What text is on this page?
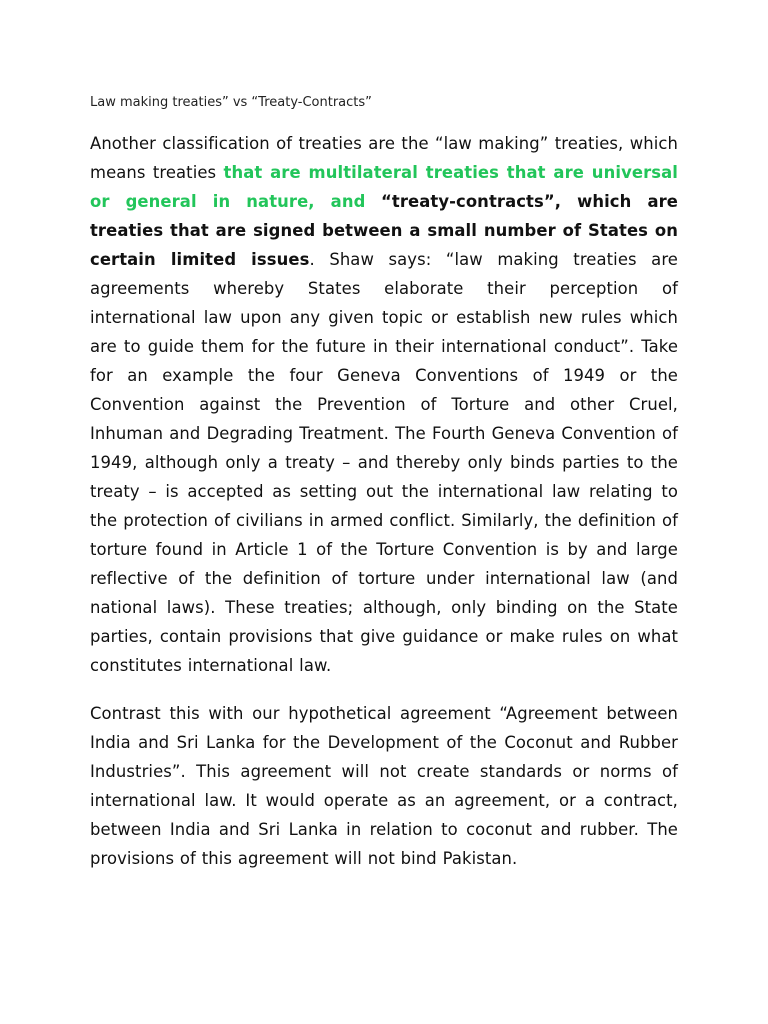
Law making treaties” vs “Treaty-Contracts”

Another classification of treaties are the “law making” treaties, which means treaties that are multilateral treaties that are universal or general in nature, and “treaty-contracts”, which are treaties that are signed between a small number of States on certain limited issues. Shaw says: “law making treaties are agreements whereby States elaborate their perception of international law upon any given topic or establish new rules which are to guide them for the future in their international conduct”. Take for an example the four Geneva Conventions of 1949 or the Convention against the Prevention of Torture and other Cruel, Inhuman and Degrading Treatment. The Fourth Geneva Convention of 1949, although only a treaty – and thereby only binds parties to the treaty – is accepted as setting out the international law relating to the protection of civilians in armed conflict. Similarly, the definition of torture found in Article 1 of the Torture Convention is by and large reflective of the definition of torture under international law (and national laws). These treaties; although, only binding on the State parties, contain provisions that give guidance or make rules on what constitutes international law.

Contrast this with our hypothetical agreement “Agreement between India and Sri Lanka for the Development of the Coconut and Rubber Industries”. This agreement will not create standards or norms of international law. It would operate as an agreement, or a contract, between India and Sri Lanka in relation to coconut and rubber. The provisions of this agreement will not bind Pakistan.
